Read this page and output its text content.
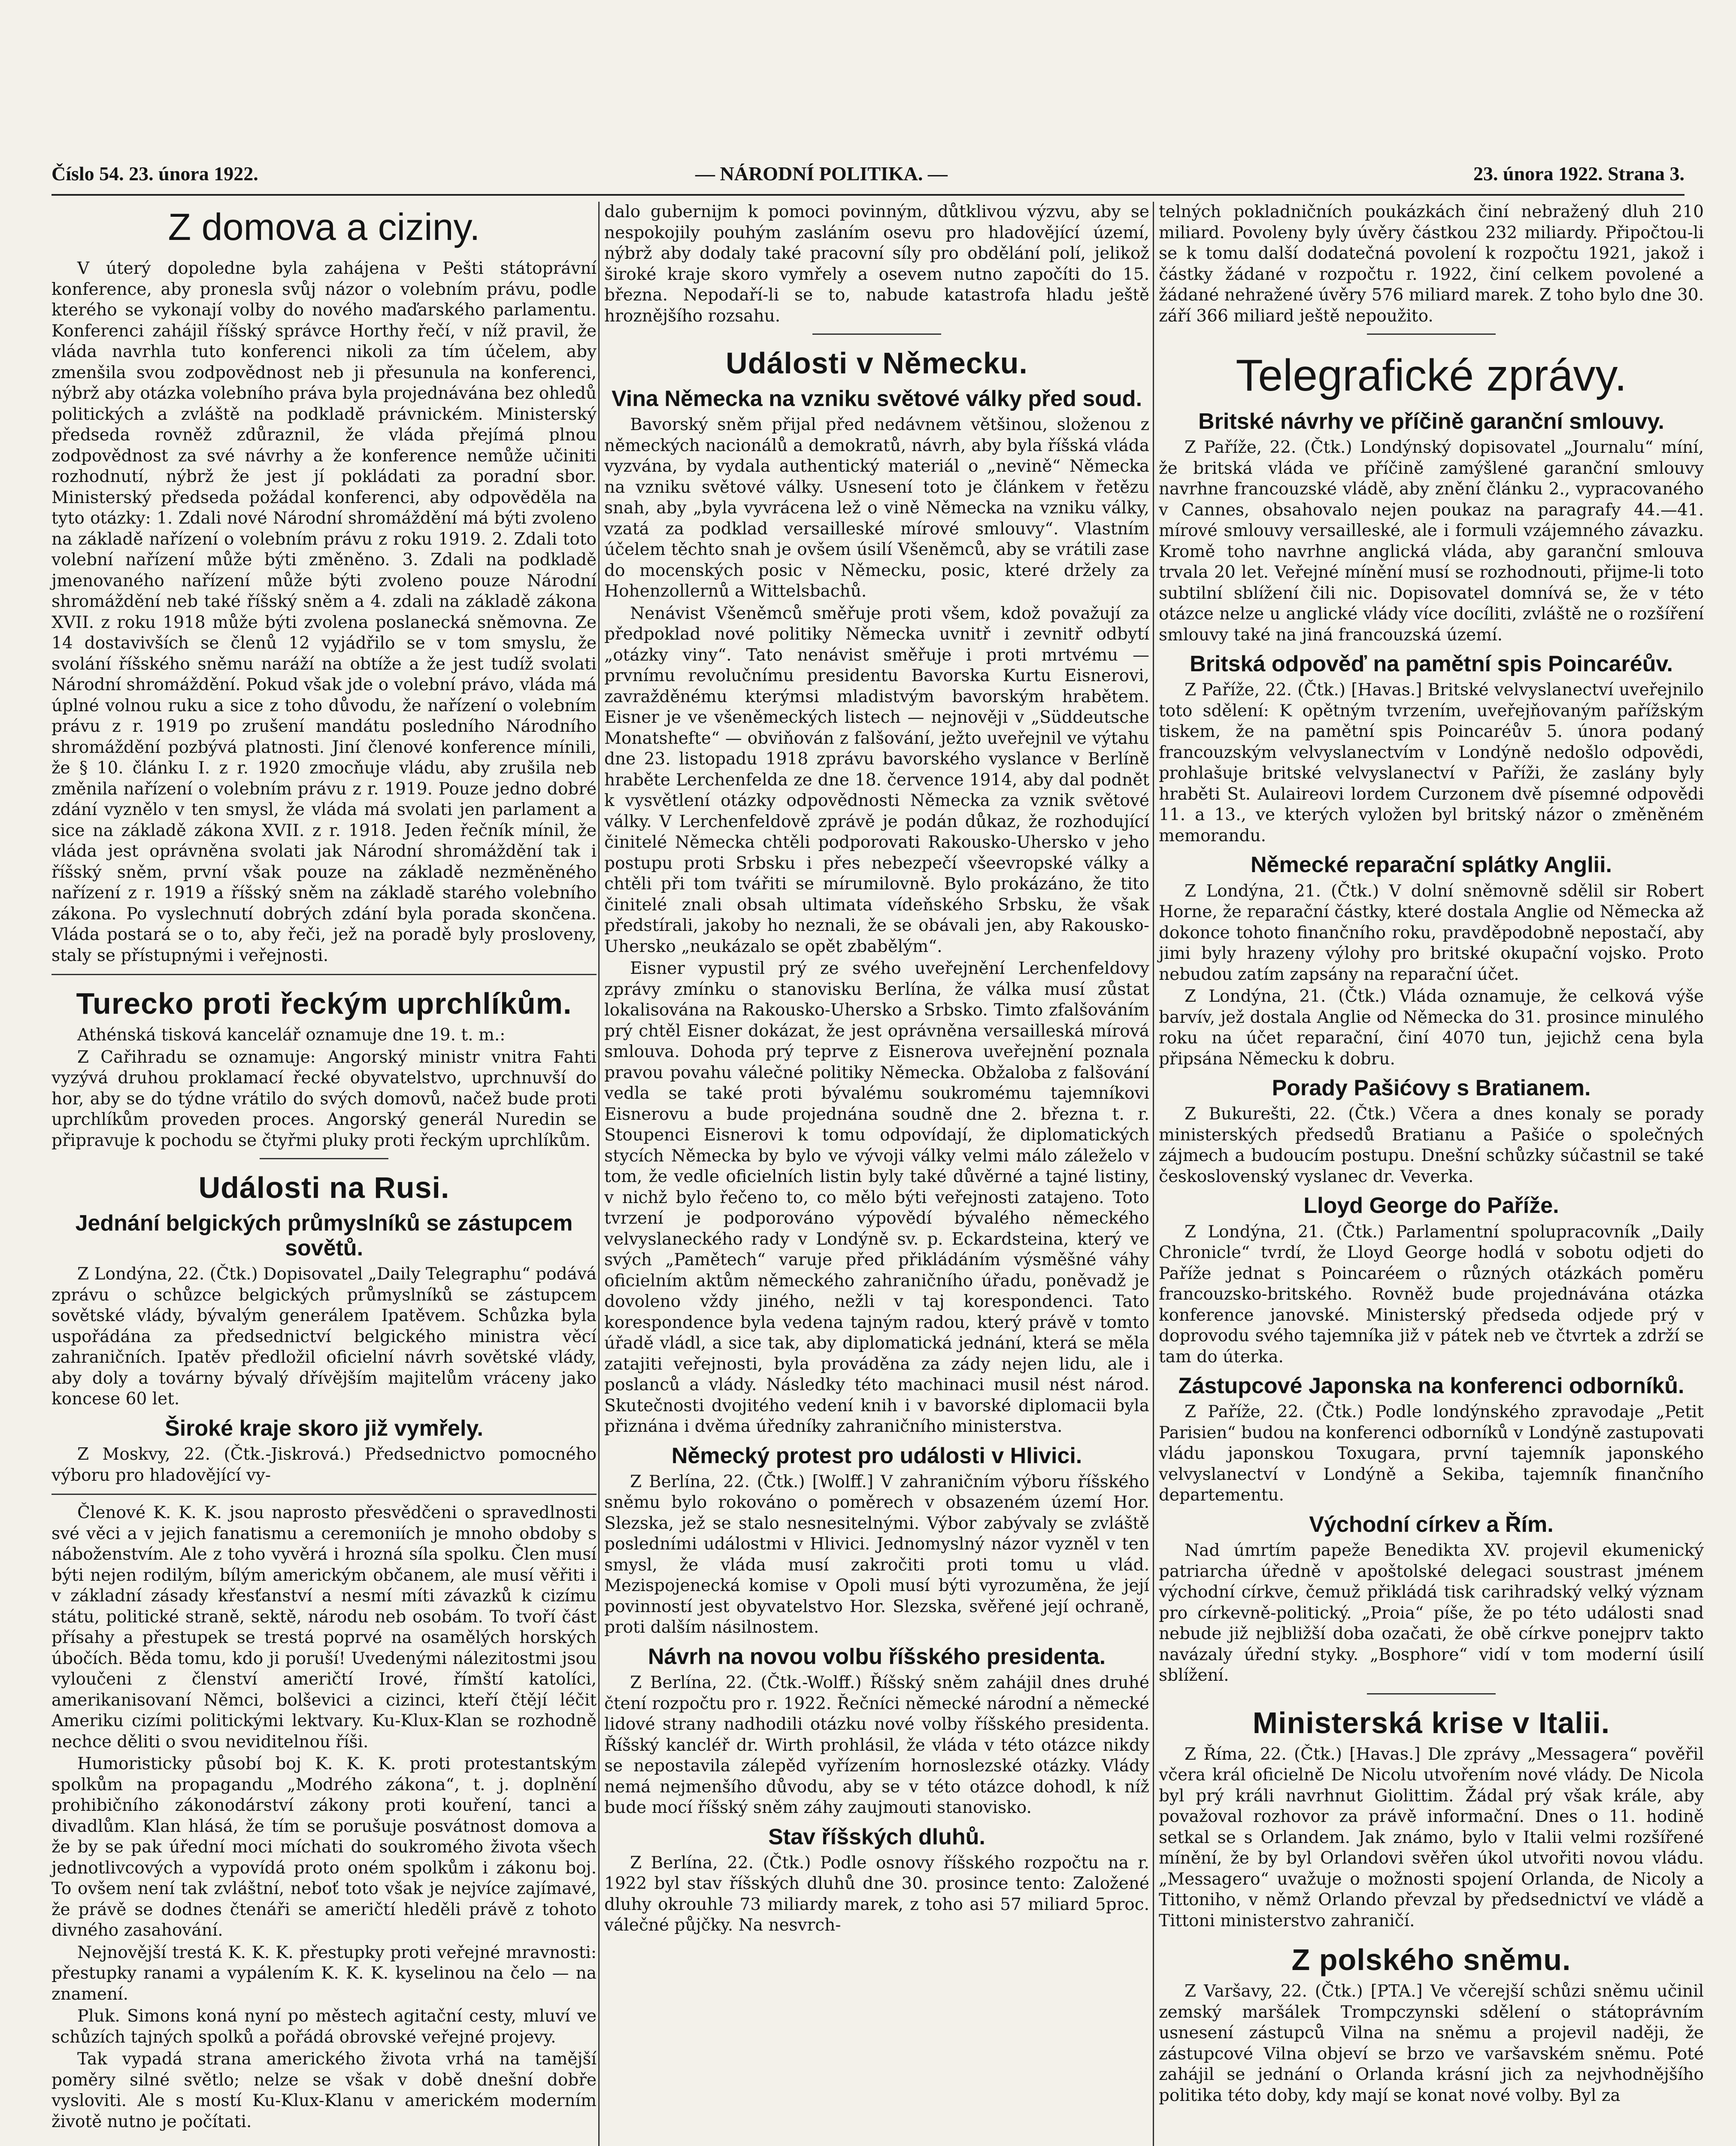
Číslo 54. 23. února 1922.	— NÁRODNÍ POLITIKA. —	23. února 1922. Strana 3.
Z domova a ciziny.

V úterý dopoledne byla zahájena v Pešti státoprávní konference, aby pronesla svůj názor o volebním právu, podle kterého se vykonají volby do nového maďarského parlamentu. Konferenci zahájil říšský správce Horthy řečí, v níž pravil, že vláda navrhla tuto konferenci nikoli za tím účelem, aby zmenšila svou zodpovědnost neb ji přesunula na konferenci, nýbrž aby otázka volebního práva byla projednávána bez ohledů politických a zvláště na podkladě právnickém. Ministerský předseda rovněž zdůraznil, že vláda přejímá plnou zodpovědnost za své návrhy a že konference nemůže učiniti rozhodnutí, nýbrž že jest jí pokládati za poradní sbor. Ministerský předseda požádal konferenci, aby odpověděla na tyto otázky: 1. Zdali nové Národní shromáždění má býti zvoleno na základě nařízení o volebním právu z roku 1919. 2. Zdali toto volební nařízení může býti změněno. 3. Zdali na podkladě jmenovaného nařízení může býti zvoleno pouze Národní shromáždění neb také říšský sněm a 4. zdali na základě zákona XVII. z roku 1918 může býti zvolena poslanecká sněmovna. Ze 14 dostavivších se členů 12 vyjádřilo se v tom smyslu, že svolání říšského sněmu naráží na obtíže a že jest tudíž svolati Národní shromáždění. Pokud však jde o volební právo, vláda má úplné volnou ruku a sice z toho důvodu, že nařízení o volebním právu z r. 1919 po zrušení mandátu posledního Národního shromáždění pozbývá platnosti. Jiní členové konference mínili, že § 10. článku I. z r. 1920 zmocňuje vládu, aby zrušila neb změnila nařízení o volebním právu z r. 1919. Pouze jedno dobré zdání vyznělo v ten smysl, že vláda má svolati jen parlament a sice na základě zákona XVII. z r. 1918. Jeden řečník mínil, že vláda jest oprávněna svolati jak Národní shromáždění tak i říšský sněm, první však pouze na základě nezměněného nařízení z r. 1919 a říšský sněm na základě starého volebního zákona. Po vyslechnutí dobrých zdání byla porada skončena. Vláda postará se o to, aby řeči, jež na poradě byly prosloveny, staly se přístupnými i veřejnosti.

Turecko proti řeckým uprchlíkům.

Athénská tisková kancelář oznamuje dne 19. t. m.:

Z Cařihradu se oznamuje: Angorský ministr vnitra Fahti vyzývá druhou proklamací řecké obyvatelstvo, uprchnuvší do hor, aby se do týdne vrátilo do svých domovů, načež bude proti uprchlíkům proveden proces. Angorský generál Nuredin se připravuje k pochodu se čtyřmi pluky proti řeckým uprchlíkům.

Události na Rusi.
Jednání belgických průmyslníků se zástupcem sovětů.

Z Londýna, 22. (Čtk.) Dopisovatel „Daily Telegraphu“ podává zprávu o schůzce belgických průmyslníků se zástupcem sovětské vlády, bývalým generálem Ipatěvem. Schůzka byla uspořádána za předsednictví belgického ministra věcí zahraničních. Ipatěv předložil oficielní návrh sovětské vlády, aby doly a továrny bývalý dřívějším majitelům vráceny jako koncese 60 let.

Široké kraje skoro již vymřely.

Z Moskvy, 22. (Čtk.-Jiskrová.) Předsednictvo pomocného výboru pro hladovějící vy-

Členové K. K. K. jsou naprosto přesvědčeni o spravedlnosti své věci a v jejich fanatismu a ceremoniích je mnoho obdoby s náboženstvím. Ale z toho vyvěrá i hrozná síla spolku. Člen musí býti nejen rodilým, bílým americkým občanem, ale musí věřiti i v základní zásady křesťanství a nesmí míti závazků k cizímu státu, politické straně, sektě, národu neb osobám. To tvoří část přísahy a přestupek se trestá poprvé na osamělých horských úbočích. Běda tomu, kdo ji poruší! Uvedenými nálezitostmi jsou vyloučeni z členství američtí Irové, římští katolíci, amerikanisovaní Němci, bolševici a cizinci, kteří čtějí léčit Ameriku cizími politickými lektvary. Ku-Klux-Klan se rozhodně nechce děliti o svou neviditelnou říši.

Humoristicky působí boj K. K. K. proti protestantským spolkům na propagandu „Modrého zákona“, t. j. doplnění prohibičního zákonodárství zákony proti kouření, tanci a divadlům. Klan hlásá, že tím se porušuje posvátnost domova a že by se pak úřední moci míchati do soukromého života všech jednotlivcových a vypovídá proto oném spolkům i zákonu boj. To ovšem není tak zvláštní, neboť toto však je nejvíce zajímavé, že právě se dodnes čtenáři se američtí hleděli právě z tohoto divného zasahování.

Nejnovější trestá K. K. K. přestupky proti veřejné mravnosti: přestupky ranami a vypálením K. K. K. kyselinou na čelo — na znamení.

Pluk. Simons koná nyní po městech agitační cesty, mluví ve schůzích tajných spolků a pořádá obrovské veřejné projevy.

Tak vypadá strana amerického života vrhá na tamější poměry silné světlo; nelze se však v době dnešní dobře vysloviti. Ale s mostí Ku-Klux-Klanu v americkém moderním životě nutno je počítati.

dalo gubernijm k pomoci povinným, důtklivou výzvu, aby se nespokojily pouhým zasláním osevu pro hladovějící území, nýbrž aby dodaly také pracovní síly pro obdělání polí, jelikož široké kraje skoro vymřely a osevem nutno započíti do 15. března. Nepodaří-li se to, nabude katastrofa hladu ještě hroznějšího rozsahu.

Události v Německu.
Vina Německa na vzniku světové války před soud.

Bavorský sněm přijal před nedávnem většinou, složenou z německých nacionálů a demokratů, návrh, aby byla říšská vláda vyzvána, by vydala authentický materiál o „nevině“ Německa na vzniku světové války. Usnesení toto je článkem v řetězu snah, aby „byla vyvrácena lež o vině Německa na vzniku války, vzatá za podklad versailleské mírové smlouvy“. Vlastním účelem těchto snah je ovšem úsilí Všeněmců, aby se vrátili zase do mocenských posic v Německu, posic, které držely za Hohenzollernů a Wittelsbachů.

Nenávist Všeněmců směřuje proti všem, kdož považují za předpoklad nové politiky Německa uvnitř i zevnitř odbytí „otázky viny“. Tato nenávist směřuje i proti mrtvému — prvnímu revolučnímu presidentu Bavorska Kurtu Eisnerovi, zavražděnému kterýmsi mladistvým bavorským hrabětem. Eisner je ve všeněmeckých listech — nejnověji v „Süddeutsche Monatshefte“ — obviňován z falšování, ježto uveřejnil ve výtahu dne 23. listopadu 1918 zprávu bavorského vyslance v Berlíně hraběte Lerchenfelda ze dne 18. července 1914, aby dal podnět k vysvětlení otázky odpovědnosti Německa za vznik světové války. V Lerchenfeldově zprávě je podán důkaz, že rozhodující činitelé Německa chtěli podporovati Rakousko-Uhersko v jeho postupu proti Srbsku i přes nebezpečí všeevropské války a chtěli při tom tvářiti se mírumilovně. Bylo prokázáno, že tito činitelé znali obsah ultimata vídeňského Srbsku, že však předstírali, jakoby ho neznali, že se obávali jen, aby Rakousko-Uhersko „neukázalo se opět zbabělým“.

Eisner vypustil prý ze svého uveřejnění Lerchenfeldovy zprávy zmínku o stanovisku Berlína, že válka musí zůstat lokalisována na Rakousko-Uhersko a Srbsko. Timto zfalšováním prý chtěl Eisner dokázat, že jest oprávněna versailleská mírová smlouva. Dohoda prý teprve z Eisnerova uveřejnění poznala pravou povahu válečné politiky Německa. Obžaloba z falšování vedla se také proti bývalému soukromému tajemníkovi Eisnerovu a bude projednána soudně dne 2. března t. r. Stoupenci Eisnerovi k tomu odpovídají, že diplomatických stycích Německa by bylo ve vývoji války velmi málo záleželo v tom, že vedle oficielních listin byly také důvěrné a tajné listiny, v nichž bylo řečeno to, co mělo býti veřejnosti zatajeno. Toto tvrzení je podporováno výpovědí bývalého německého velvyslaneckého rady v Londýně sv. p. Eckardsteina, který ve svých „Pamětech“ varuje před přikládáním výsměšné váhy oficielním aktům německého zahraničního úřadu, poněvadž je dovoleno vždy jiného, nežli v taj korespondenci. Tato korespondence byla vedena tajným radou, který právě v tomto úřadě vládl, a sice tak, aby diplomatická jednání, která se měla zatajiti veřejnosti, byla prováděna za zády nejen lidu, ale i poslanců a vlády. Následky této machinaci musil nést národ. Skutečnosti dvojitého vedení knih i v bavorské diplomacii byla přiznána i dvěma úředníky zahraničního ministerstva.

Německý protest pro události v Hlivici.

Z Berlína, 22. (Čtk.) [Wolff.] V zahraničním výboru říšského sněmu bylo rokováno o poměrech v obsazeném území Hor. Slezska, jež se stalo nesnesitelnými. Výbor zabývaly se zvláště posledními událostmi v Hlivici. Jednomyslný názor vyzněl v ten smysl, že vláda musí zakročiti proti tomu u vlád. Mezispojenecká komise v Opoli musí býti vyrozuměna, že její povinností jest obyvatelstvo Hor. Slezska, svěřené její ochraně, proti dalším násilnostem.

Návrh na novou volbu říšského presidenta.

Z Berlína, 22. (Čtk.-Wolff.) Říšský sněm zahájil dnes druhé čtení rozpočtu pro r. 1922. Řečníci německé národní a německé lidové strany nadhodili otázku nové volby říšského presidenta. Říšský kancléř dr. Wirth prohlásil, že vláda v této otázce nikdy se nepostavila zálepěd vyřízením hornoslezské otázky. Vlády nemá nejmenšího důvodu, aby se v této otázce dohodl, k níž bude mocí říšský sněm záhy zaujmouti stanovisko.

Stav říšských dluhů.

Z Berlína, 22. (Čtk.) Podle osnovy říšského rozpočtu na r. 1922 byl stav říšských dluhů dne 30. prosince tento: Založené dluhy okrouhle 73 miliardy marek, z toho asi 57 miliard 5proc. válečné půjčky. Na nesvrch-

telných pokladničních poukázkách činí nebražený dluh 210 miliard. Povoleny byly úvěry částkou 232 miliardy. Připočtou-li se k tomu další dodatečná povolení k rozpočtu 1921, jakož i částky žádané v rozpočtu r. 1922, činí celkem povolené a žádané nehražené úvěry 576 miliard marek. Z toho bylo dne 30. září 366 miliard ještě nepoužito.

Telegrafické zprávy.
Britské návrhy ve příčině garanční smlouvy.

Z Paříže, 22. (Čtk.) Londýnský dopisovatel „Journalu“ míní, že britská vláda ve příčině zamýšlené garanční smlouvy navrhne francouzské vládě, aby znění článku 2., vypracovaného v Cannes, obsahovalo nejen poukaz na paragrafy 44.—41. mírové smlouvy versailleské, ale i formuli vzájemného závazku. Kromě toho navrhne anglická vláda, aby garanční smlouva trvala 20 let. Veřejné mínění musí se rozhodnouti, přijme-li toto subtilní sblížení čili nic. Dopisovatel domnívá se, že v této otázce nelze u anglické vlády více docíliti, zvláště ne o rozšíření smlouvy také na jiná francouzská území.

Britská odpověď na pamětní spis Poincaréův.

Z Paříže, 22. (Čtk.) [Havas.] Britské velvyslanectví uveřejnilo toto sdělení: K opětným tvrzením, uveřejňovaným pařížským tiskem, že na pamětní spis Poincaréův 5. února podaný francouzským velvyslanectvím v Londýně nedošlo odpovědi, prohlašuje britské velvyslanectví v Paříži, že zaslány byly hraběti St. Aulaireovi lordem Curzonem dvě písemné odpovědi 11. a 13., ve kterých vyložen byl britský názor o změněném memorandu.

Německé reparační splátky Anglii.

Z Londýna, 21. (Čtk.) V dolní sněmovně sdělil sir Robert Horne, že reparační částky, které dostala Anglie od Německa až dokonce tohoto finančního roku, pravděpodobně nepostačí, aby jimi byly hrazeny výlohy pro britské okupační vojsko. Proto nebudou zatím zapsány na reparační účet.

Z Londýna, 21. (Čtk.) Vláda oznamuje, že celková výše barvív, jež dostala Anglie od Německa do 31. prosince minulého roku na účet reparační, činí 4070 tun, jejichž cena byla připsána Německu k dobru.

Porady Pašićovy s Bratianem.

Z Bukurešti, 22. (Čtk.) Včera a dnes konaly se porady ministerských předsedů Bratianu a Pašiće o společných zájmech a budoucím postupu. Dnešní schůzky súčastnil se také československý vyslanec dr. Veverka.

Lloyd George do Paříže.

Z Londýna, 21. (Čtk.) Parlamentní spolupracovník „Daily Chronicle“ tvrdí, že Lloyd George hodlá v sobotu odjeti do Paříže jednat s Poincaréem o různých otázkách poměru francouzsko-britského. Rovněž bude projednávána otázka konference janovské. Ministerský předseda odjede prý v doprovodu svého tajemníka již v pátek neb ve čtvrtek a zdrží se tam do úterka.

Zástupcové Japonska na konferenci odborníků.

Z Paříže, 22. (Čtk.) Podle londýnského zpravodaje „Petit Parisien“ budou na konferenci odborníků v Londýně zastupovati vládu japonskou Toxugara, první tajemník japonského velvyslanectví v Londýně a Sekiba, tajemník finančního departementu.

Východní církev a Řím.

Nad úmrtím papeže Benedikta XV. projevil ekumenický patriarcha úředně v apoštolské delegaci soustrast jménem východní církve, čemuž přikládá tisk carihradský velký význam pro církevně-politický. „Proia“ píše, že po této události snad nebude již nejbližší doba ozačati, že obě církve ponejprv takto navázaly úřední styky. „Bosphore“ vidí v tom moderní úsilí sblížení.

Ministerská krise v Italii.

Z Říma, 22. (Čtk.) [Havas.] Dle zprávy „Messagera“ pověřil včera král oficielně De Nicolu utvořením nové vlády. De Nicola byl prý králi navrhnut Giolittim. Žádal prý však krále, aby považoval rozhovor za právě informační. Dnes o 11. hodině setkal se s Orlandem. Jak známo, bylo v Italii velmi rozšířené mínění, že by byl Orlandovi svěřen úkol utvořiti novou vládu. „Messagero“ uvažuje o možnosti spojení Orlanda, de Nicoly a Tittoniho, v němž Orlando převzal by předsednictví ve vládě a Tittoni ministerstvo zahraničí.

Z polského sněmu.

Z Varšavy, 22. (Čtk.) [PTA.] Ve včerejší schůzi sněmu učinil zemský maršálek Trompczynski sdělení o státoprávním usnesení zástupců Vilna na sněmu a projevil naději, že zástupcové Vilna objeví se brzo ve varšavském sněmu. Poté zahájil se jednání o Orlanda krásní jich za nejvhodnějšího politika této doby, kdy mají se konat nové volby. Byl za
